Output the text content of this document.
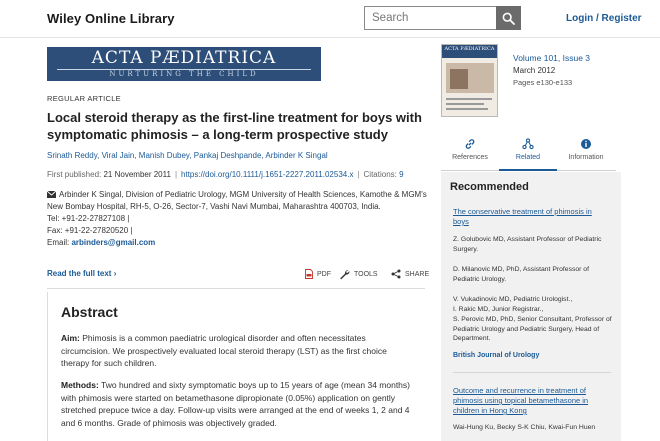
Wiley Online Library
Search	Login / Register
ACTA PÆDIATRICA
NURTURING THE CHILD
REGULAR ARTICLE
Local steroid therapy as the first-line treatment for boys with symptomatic phimosis – a long-term prospective study
Srinath Reddy, Viral Jain, Manish Dubey, Pankaj Deshpande, Arbinder K Singal
First published: 21 November 2011 | https://doi.org/10.1111/j.1651-2227.2011.02534.x | Citations: 9
Arbinder K Singal, Division of Pediatric Urology, MGM University of Health Sciences, Kamothe & MGM's
New Bombay Hospital, RH-5, O-26, Sector-7, Vashi Navi Mumbai, Maharashtra 400703, India.
Tel: +91-22-27827108 |
Fax: +91-22-27820520 |
Email: arbinders@gmail.com
Read the full text ›	PDF	TOOLS	SHARE
Abstract

Aim: Phimosis is a common paediatric urological disorder and often necessitates circumcision. We prospectively evaluated local steroid therapy (LST) as the first choice therapy for such children.

Methods: Two hundred and sixty symptomatic boys up to 15 years of age (mean 34 months) with phimosis were started on betamethasone dipropionate (0.05%) application on gently stretched prepuce twice a day. Follow-up visits were arranged at the end of weeks 1, 2 and 4 and 6 months. Grade of phimosis was objectively graded.

ACTA PÆDIATRICA
Volume 101, Issue 3
March 2012
Pages e130-e133
References	Related	Information
Recommended
The conservative treatment of phimosis in boys
Z. Golubovic MD, Assistant Professor of Pediatric Surgery.
D. Milanovic MD, PhD, Assistant Professor of Pediatric Urology.
V. Vukadinovic MD, Pediatric Urologist.,
I. Rakic MD, Junior Registrar.,
S. Perovic MD, PhD, Senior Consultant, Professor of Pediatric Urology and Pediatric Surgery, Head of Department.
British Journal of Urology
Outcome and recurrence in treatment of phimosis using topical betamethasone in children in Hong Kong
Wai-Hung Ku, Becky S-K Chiu, Kwai-Fun Huen
